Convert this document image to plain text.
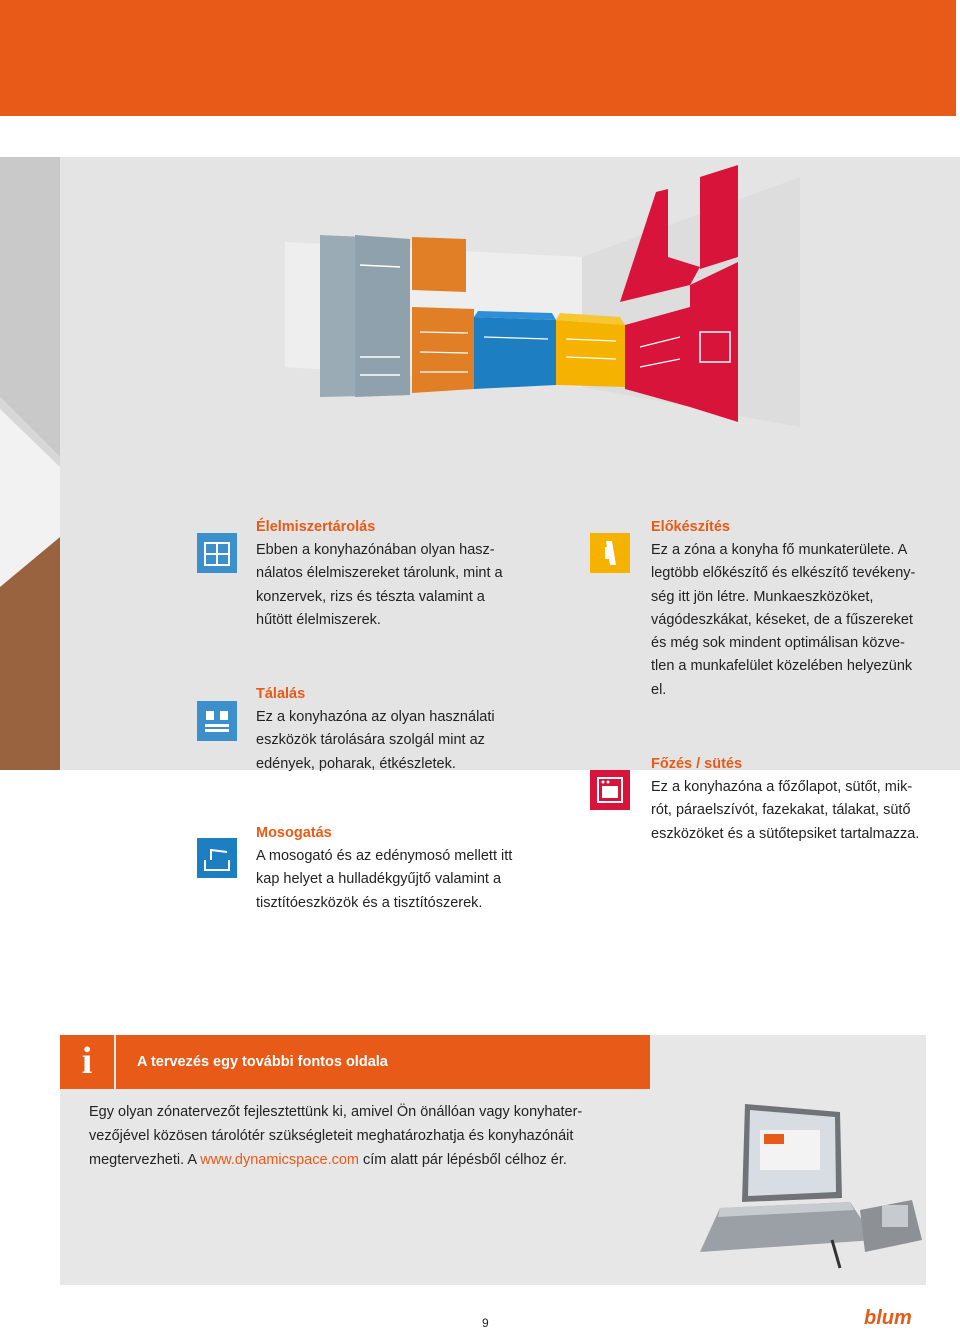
Élelmiszertárolás

Ebben a konyhazónában olyan hasz-
nálatos élelmiszereket tárolunk, mint a
konzervek, rizs és tészta valamint a
hűtött élelmiszerek.

Tálalás

Ez a konyhazóna az olyan használati
eszközök tárolására szolgál mint az
edények, poharak, étkészletek.

Mosogatás

A mosogató és az edénymosó mellett itt
kap helyet a hulladékgyűjtő valamint a
tisztítóeszközök és a tisztítószerek.

Előkészítés

Ez a zóna a konyha fő munkaterülete. A
legtöbb előkészítő és elkészítő tevékeny-
ség itt jön létre. Munkaeszközöket,
vágódeszkákat, késeket, de a fűszereket
és még sok mindent optimálisan közve-
tlen a munkafelület közelében helyezünk
el.

Főzés / sütés

Ez a konyhazóna a főzőlapot, sütőt, mik-
rót, páraelszívót, fazekakat, tálakat, sütő
eszközöket és a sütőtepsiket tartalmazza.

i	A tervezés egy további fontos oldala

Egy olyan zónatervezőt fejlesztettünk ki, amivel Ön önállóan vagy konyhater-
vezőjével közösen tárolótér szükségleteit meghatározhatja és konyhazónáit
megtervezheti. A www.dynamicspace.com cím alatt pár lépésből célhoz ér.

9	blum
